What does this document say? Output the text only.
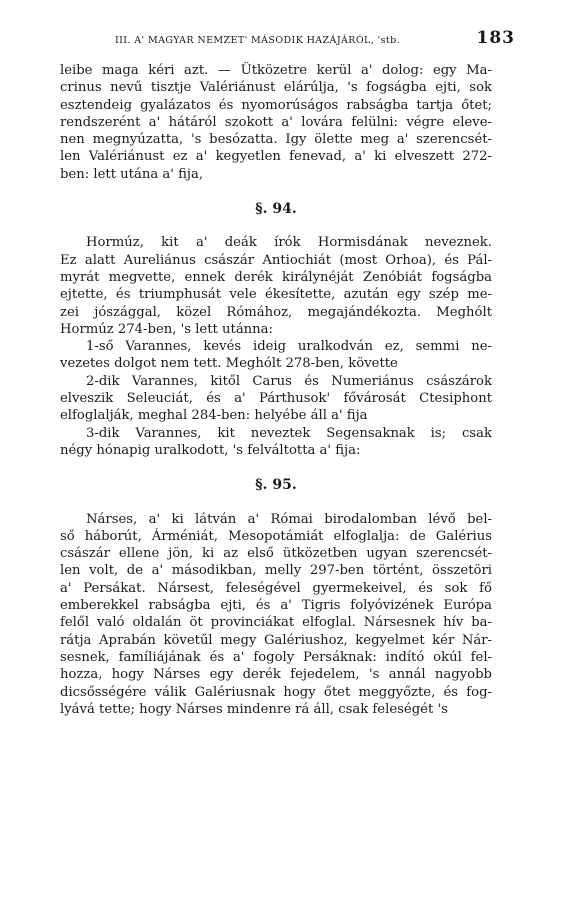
III. A' MAGYAR NEMZET' MÁSODIK HAZÁJÁRÓL, 'stb.	183
leibe maga kéri azt. — Ütközetre kerül a' dolog: egy Ma-
crinus nevű tisztje Valériánust elárúlja, 's fogságba ejti, sok
esztendeig gyalázatos és nyomorúságos rabságba tartja őtet;
rendszerént a' hátáról szokott a' lovára felülni: végre eleve-
nen megnyúzatta, 's besózatta. Igy ölette meg a' szerencsét-
len Valériánust ez a' kegyetlen fenevad, a' ki elveszett 272-
ben: lett utána a' fija,
§. 94.
Hormúz, kit a' deák írók Hormisdának neveznek.
Ez alatt Aureliánus császár Antiochiát (most Orhoa), és Pál-
myrát megvette, ennek derék királynéját Zenóbiát fogságba
ejtette, és triumphusát vele ékesítette, azután egy szép me-
zei jószággal, közel Rómához, megajándékozta. Meghólt
Hormúz 274-ben, 's lett utánna:
1-ső Varannes, kevés ideig uralkodván ez, semmi ne-
vezetes dolgot nem tett. Meghólt 278-ben, követte
2-dik Varannes, kitől Carus és Numeriánus császárok
elveszik Seleuciát, és a' Párthusok' fővárosát Ctesiphont
elfoglalják, meghal 284-ben: helyébe áll a' fija
3-dik Varannes, kit neveztek Segensaknak is; csak
négy hónapig uralkodott, 's felváltotta a' fija:
§. 95.
Nárses, a' ki látván a' Római birodalomban lévő bel-
ső háborút, Árméniát, Mesopotámiát elfoglalja: de Galérius
császár ellene jön, ki az első ütközetben ugyan szerencsét-
len volt, de a' másodikban, melly 297-ben történt, összetöri
a' Persákat. Nársest, feleségével gyermekeivel, és sok fő
emberekkel rabságba ejti, és a' Tigris folyóvizének Európa
felől való oldalán öt provinciákat elfoglal. Nársesnek hív ba-
rátja Aprabán követűl megy Galériushoz, kegyelmet kér Nár-
sesnek, famíliájának és a' fogoly Persáknak: indító okúl fel-
hozza, hogy Nárses egy derék fejedelem, 's annál nagyobb
dicsősségére válik Galériusnak hogy őtet meggyőzte, és fog-
lyává tette; hogy Nárses mindenre rá áll, csak feleségét 's
